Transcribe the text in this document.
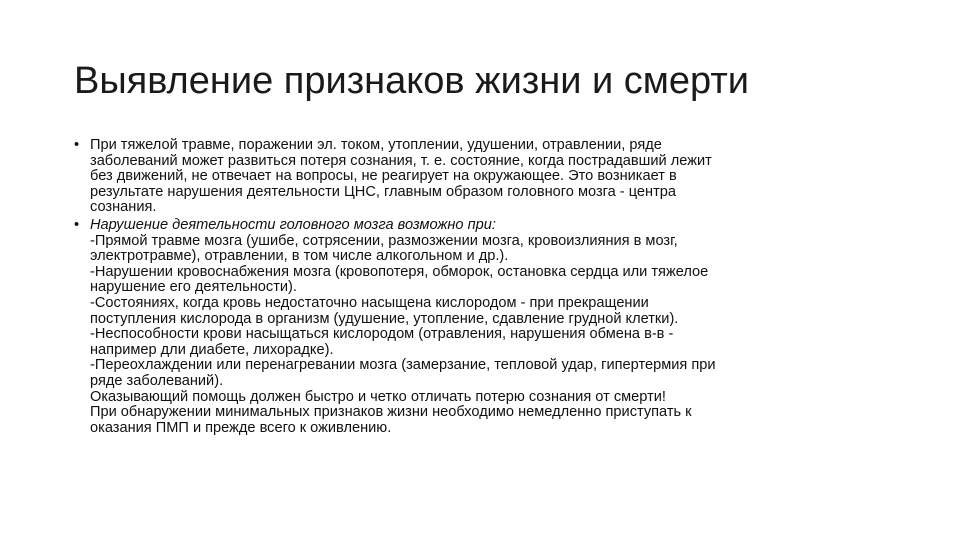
Выявление признаков жизни и смерти
• При тяжелой травме, поражении эл. током, утоплении, удушении, отравлении, ряде
заболеваний может развиться потеря сознания, т. е. состояние, когда пострадавший лежит
без движений, не отвечает на вопросы, не реагирует на окружающее. Это возникает в
результате нарушения деятельности ЦНС, главным образом головного мозга - центра
сознания.
• Нарушение деятельности головного мозга возможно при:
-Прямой травме мозга (ушибе, сотрясении, размозжении мозга, кровоизлияния в мозг,
электротравме), отравлении, в том числе алкогольном и др.).
-Нарушении кровоснабжения мозга (кровопотеря, обморок, остановка сердца или тяжелое
нарушение его деятельности).
-Состояниях, когда кровь недостаточно насыщена кислородом - при прекращении
поступления кислорода в организм (удушение, утопление, сдавление грудной клетки).
-Неспособности крови насыщаться кислородом (отравления, нарушения обмена в-в -
например дли диабете, лихорадке).
-Переохлаждении или перенагревании мозга (замерзание, тепловой удар, гипертермия при
ряде заболеваний).
Оказывающий помощь должен быстро и четко отличать потерю сознания от смерти!
При обнаружении минимальных признаков жизни необходимо немедленно приступать к
оказания ПМП и прежде всего к оживлению.
